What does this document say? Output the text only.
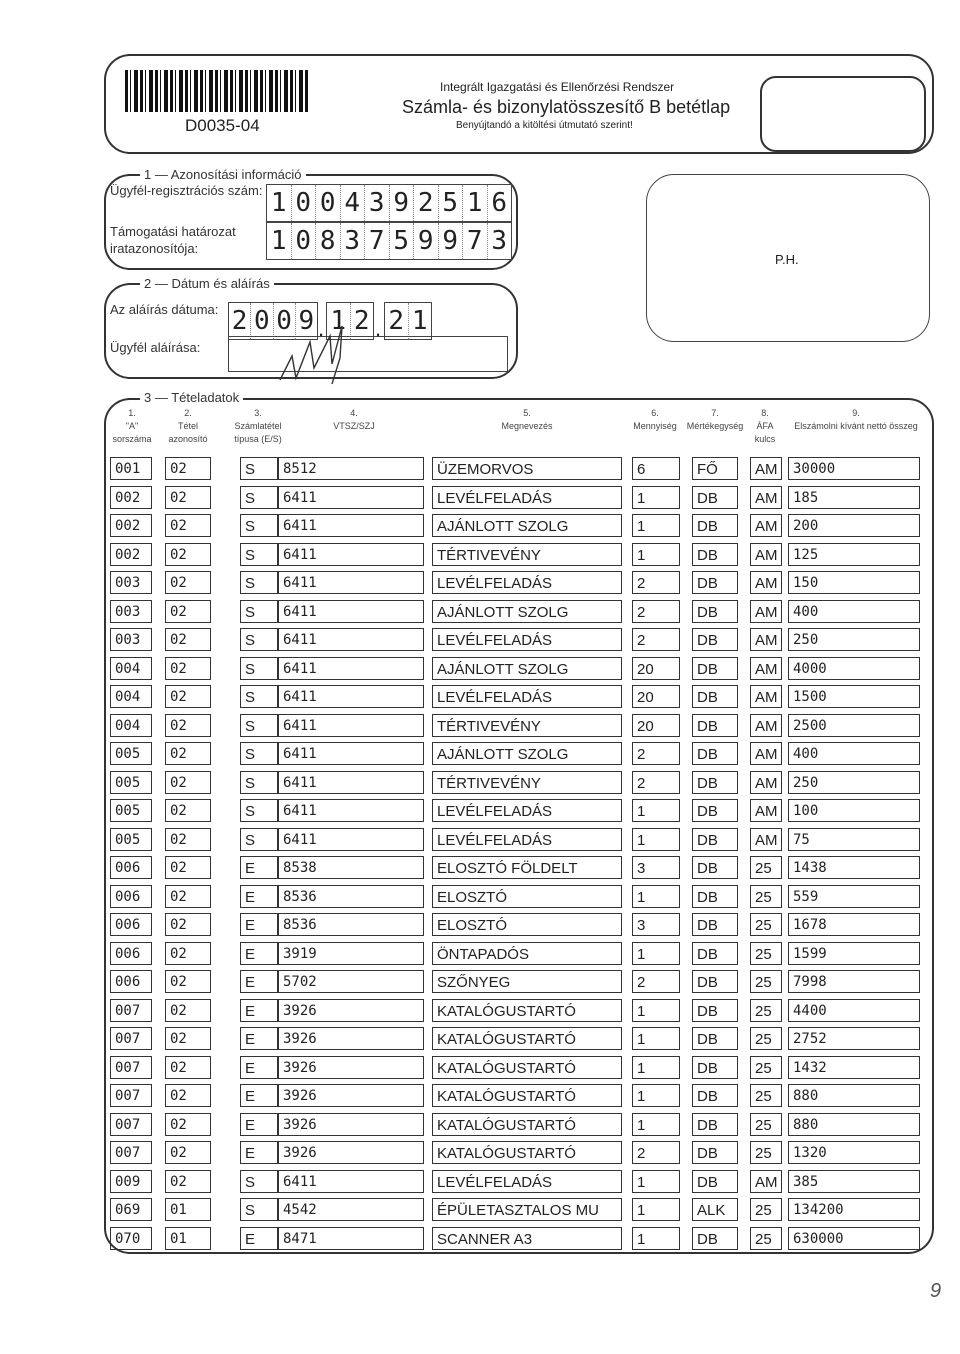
D0035-04
Integrált Igazgatási és Ellenőrzési Rendszer
Számla- és bizonylatösszesítő B betétlap
Benyújtandó a kitöltési útmutató szerint!
1 — Azonosítási információ
Ügyfél-regisztrációs szám: 1 0 0 4 3 9 2 5 1 6
Támogatási határozat
iratazonosítója:	1 0 8 3 7 5 9 9 7 3
2 — Dátum és aláírás
Az aláírás dátuma: 2 0 0 9 . 1 2 . 2 1
Ügyfél aláírása:
P.H.
3 — Tételadatok
1.
"A"
sorszáma
2.
Tétel
azonosító
3.
Számlatétel
típusa (E/S)
4.
VTSZ/SZJ
5.
Megnevezés
6.
Mennyiség
7.
Mértékegység
8.
ÁFA
kulcs
9.
Elszámolni kívánt nettó összeg
001	02	S	8512	ÜZEMORVOS	6	FŐ	AM	30000
002	02	S	6411	LEVÉLFELADÁS	1	DB	AM	185
002	02	S	6411	AJÁNLOTT SZOLG	1	DB	AM	200
002	02	S	6411	TÉRTIVEVÉNY	1	DB	AM	125
003	02	S	6411	LEVÉLFELADÁS	2	DB	AM	150
003	02	S	6411	AJÁNLOTT SZOLG	2	DB	AM	400
003	02	S	6411	LEVÉLFELADÁS	2	DB	AM	250
004	02	S	6411	AJÁNLOTT SZOLG	20	DB	AM	4000
004	02	S	6411	LEVÉLFELADÁS	20	DB	AM	1500
004	02	S	6411	TÉRTIVEVÉNY	20	DB	AM	2500
005	02	S	6411	AJÁNLOTT SZOLG	2	DB	AM	400
005	02	S	6411	TÉRTIVEVÉNY	2	DB	AM	250
005	02	S	6411	LEVÉLFELADÁS	1	DB	AM	100
005	02	S	6411	LEVÉLFELADÁS	1	DB	AM	75
006	02	E	8538	ELOSZTÓ FÖLDELT	3	DB	25	1438
006	02	E	8536	ELOSZTÓ	1	DB	25	559
006	02	E	8536	ELOSZTÓ	3	DB	25	1678
006	02	E	3919	ÖNTAPADÓS	1	DB	25	1599
006	02	E	5702	SZŐNYEG	2	DB	25	7998
007	02	E	3926	KATALÓGUSTARTÓ	1	DB	25	4400
007	02	E	3926	KATALÓGUSTARTÓ	1	DB	25	2752
007	02	E	3926	KATALÓGUSTARTÓ	1	DB	25	1432
007	02	E	3926	KATALÓGUSTARTÓ	1	DB	25	880
007	02	E	3926	KATALÓGUSTARTÓ	1	DB	25	880
007	02	E	3926	KATALÓGUSTARTÓ	2	DB	25	1320
009	02	S	6411	LEVÉLFELADÁS	1	DB	AM	385
069	01	S	4542	ÉPÜLETASZTALOS MU	1	ALK	25	134200
070	01	E	8471	SCANNER A3	1	DB	25	630000
9
